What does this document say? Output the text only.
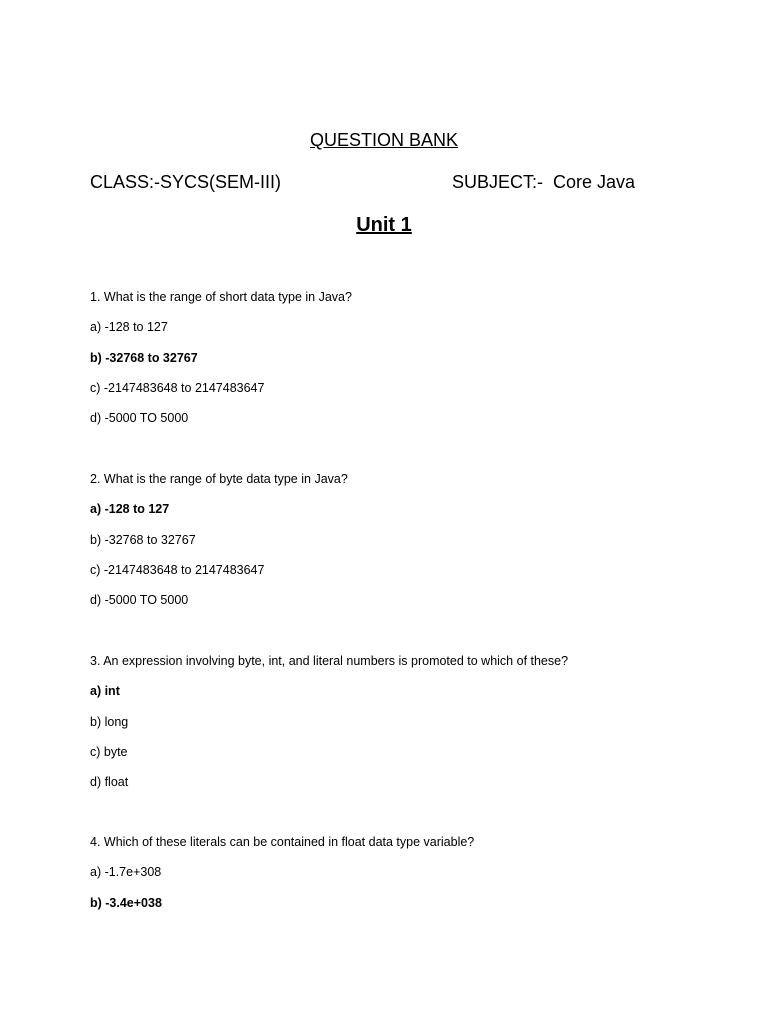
QUESTION BANK
CLASS:-SYCS(SEM-III)	SUBJECT:-  Core Java
Unit 1
1. What is the range of short data type in Java?
a) -128 to 127
b) -32768 to 32767
c) -2147483648 to 2147483647
d) -5000 TO 5000
2. What is the range of byte data type in Java?
a) -128 to 127
b) -32768 to 32767
c) -2147483648 to 2147483647
d) -5000 TO 5000
3. An expression involving byte, int, and literal numbers is promoted to which of these?
a) int
b) long
c) byte
d) float
4. Which of these literals can be contained in float data type variable?
a) -1.7e+308
b) -3.4e+038
